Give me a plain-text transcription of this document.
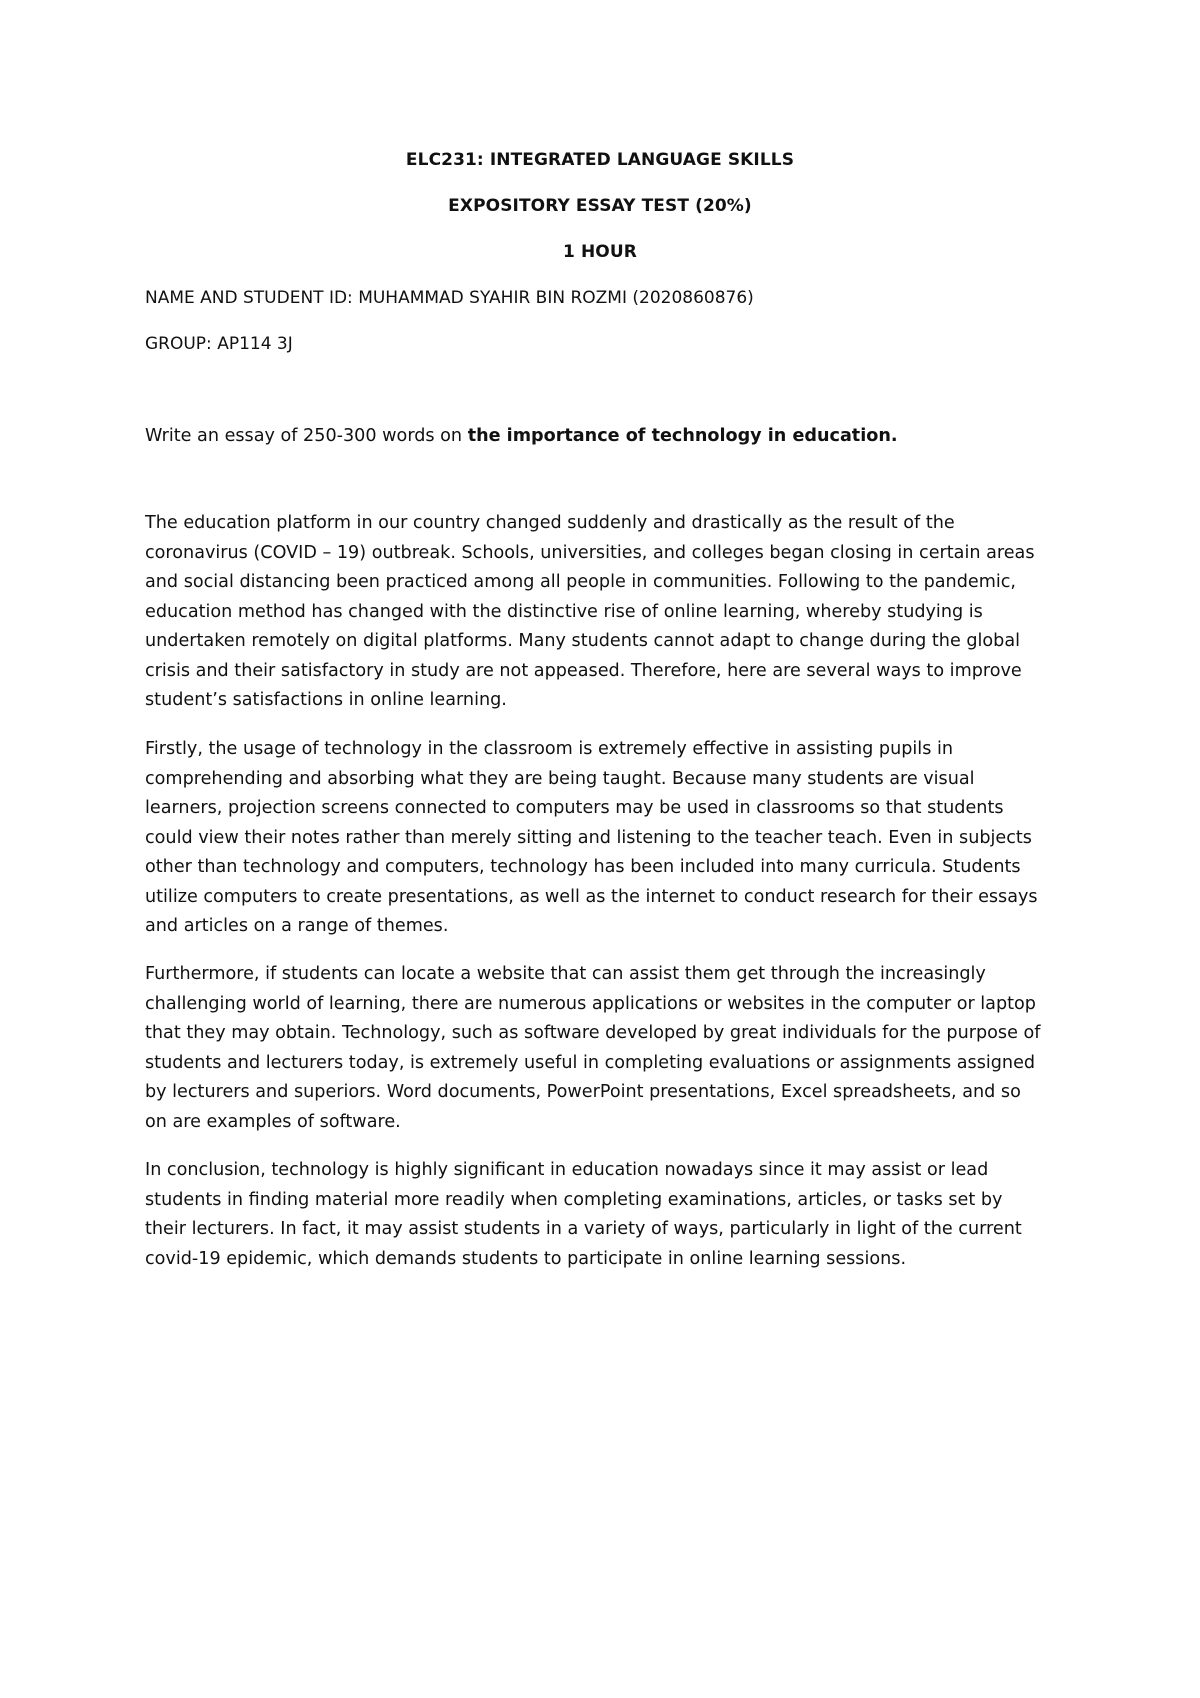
ELC231: INTEGRATED LANGUAGE SKILLS
EXPOSITORY ESSAY TEST (20%)
1 HOUR
NAME AND STUDENT ID: MUHAMMAD SYAHIR BIN ROZMI (2020860876)
GROUP: AP114 3J
Write an essay of 250-300 words on the importance of technology in education.
The education platform in our country changed suddenly and drastically as the result of the
coronavirus (COVID – 19) outbreak. Schools, universities, and colleges began closing in certain areas
and social distancing been practiced among all people in communities. Following to the pandemic,
education method has changed with the distinctive rise of online learning, whereby studying is
undertaken remotely on digital platforms. Many students cannot adapt to change during the global
crisis and their satisfactory in study are not appeased. Therefore, here are several ways to improve
student’s satisfactions in online learning.
Firstly, the usage of technology in the classroom is extremely effective in assisting pupils in
comprehending and absorbing what they are being taught. Because many students are visual
learners, projection screens connected to computers may be used in classrooms so that students
could view their notes rather than merely sitting and listening to the teacher teach. Even in subjects
other than technology and computers, technology has been included into many curricula. Students
utilize computers to create presentations, as well as the internet to conduct research for their essays
and articles on a range of themes.
Furthermore, if students can locate a website that can assist them get through the increasingly
challenging world of learning, there are numerous applications or websites in the computer or laptop
that they may obtain. Technology, such as software developed by great individuals for the purpose of
students and lecturers today, is extremely useful in completing evaluations or assignments assigned
by lecturers and superiors. Word documents, PowerPoint presentations, Excel spreadsheets, and so
on are examples of software.
In conclusion, technology is highly significant in education nowadays since it may assist or lead
students in finding material more readily when completing examinations, articles, or tasks set by
their lecturers. In fact, it may assist students in a variety of ways, particularly in light of the current
covid-19 epidemic, which demands students to participate in online learning sessions.
